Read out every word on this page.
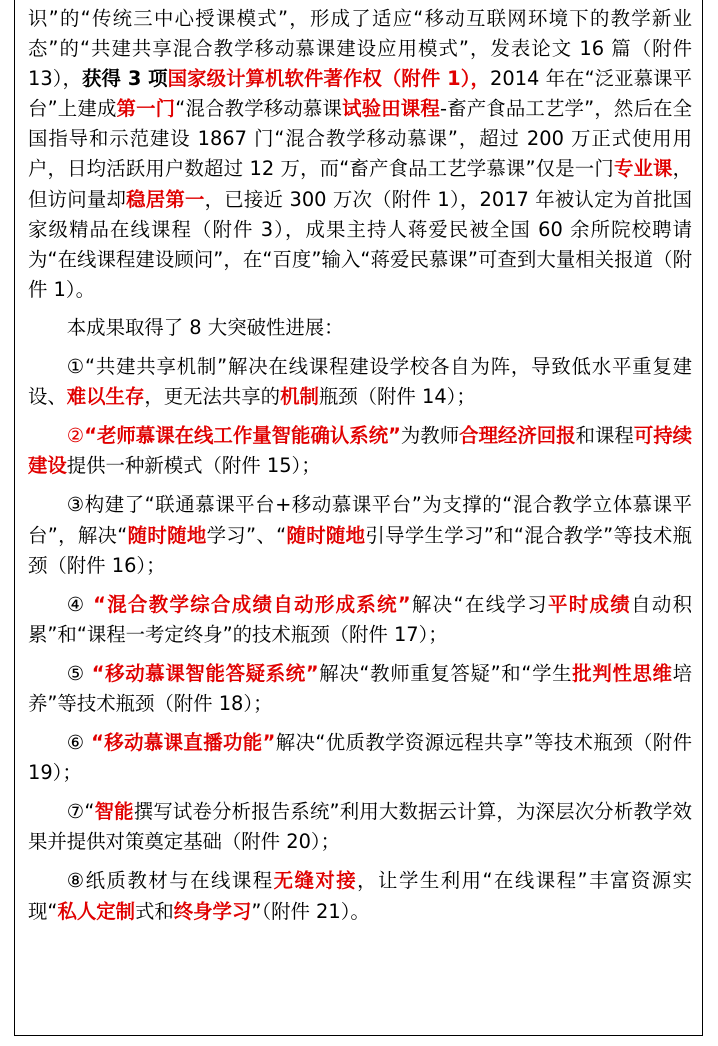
识”的“传统三中心授课模式”，形成了适应“移动互联网环境下的教学新业态”的“共建共享混合教学移动慕课建设应用模式”，发表论文 16 篇（附件 13），获得 3 项国家级计算机软件著作权（附件 1），2014 年在“泛亚慕课平台”上建成第一门“混合教学移动慕课试验田课程-畜产食品工艺学”，然后在全国指导和示范建设 1867 门“混合教学移动慕课”，超过 200 万正式使用用户，日均活跃用户数超过 12 万，而“畜产食品工艺学慕课”仅是一门专业课，但访问量却稳居第一，已接近 300 万次（附件 1），2017 年被认定为首批国家级精品在线课程（附件 3），成果主持人蒋爱民被全国 60 余所院校聘请为“在线课程建设顾问”，在“百度”输入“蒋爱民慕课”可查到大量相关报道（附件 1）。

本成果取得了 8 大突破性进展：

①“共建共享机制”解决在线课程建设学校各自为阵，导致低水平重复建设、难以生存，更无法共享的机制瓶颈（附件 14）；

②“老师慕课在线工作量智能确认系统”为教师合理经济回报和课程可持续建设提供一种新模式（附件 15）；

③构建了“联通慕课平台+移动慕课平台”为支撑的“混合教学立体慕课平台”，解决“随时随地学习”、“随时随地引导学生学习”和“混合教学”等技术瓶颈（附件 16）；

④ “混合教学综合成绩自动形成系统”解决“在线学习平时成绩自动积累”和“课程一考定终身”的技术瓶颈（附件 17）；

⑤ “移动慕课智能答疑系统”解决“教师重复答疑”和“学生批判性思维培养”等技术瓶颈（附件 18）；

⑥ “移动慕课直播功能”解决“优质教学资源远程共享”等技术瓶颈（附件 19）；

⑦“智能撰写试卷分析报告系统”利用大数据云计算，为深层次分析教学效果并提供对策奠定基础（附件 20）；

⑧纸质教材与在线课程无缝对接，让学生利用“在线课程”丰富资源实现“私人定制式和终身学习”（附件 21）。
